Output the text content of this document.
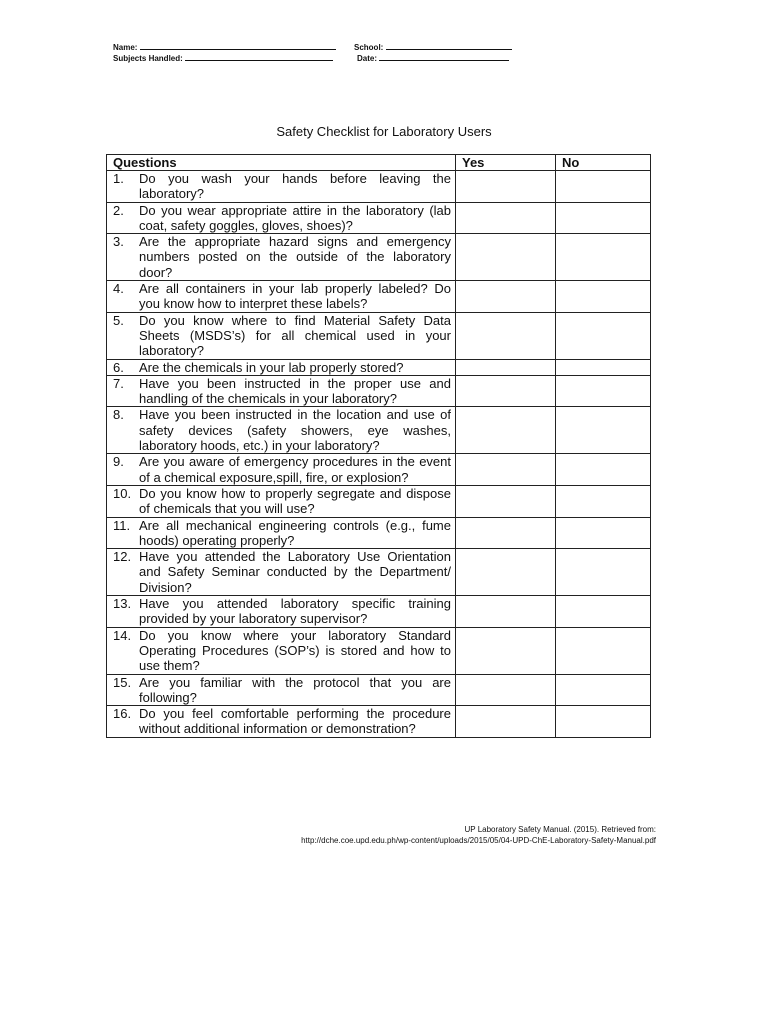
Name:	School:
Subjects Handled:	Date:
Safety Checklist for Laboratory Users
Questions	Yes	No

1. Do you wash your hands before leaving the laboratory?		

2. Do you wear appropriate attire in the laboratory (lab coat, safety goggles, gloves, shoes)?		

3. Are the appropriate hazard signs and emergency numbers posted on the outside of the laboratory door?		

4. Are all containers in your lab properly labeled? Do you know how to interpret these labels?		

5. Do you know where to find Material Safety Data Sheets (MSDS’s) for all chemical used in your laboratory?		

6. Are the chemicals in your lab properly stored?		

7. Have you been instructed in the proper use and handling of the chemicals in your laboratory?		

8. Have you been instructed in the location and use of safety devices (safety showers, eye washes, laboratory hoods, etc.) in your laboratory?		

9. Are you aware of emergency procedures in the event of a chemical exposure,spill, fire, or explosion?		

10. Do you know how to properly segregate and dispose of chemicals that you will use?		

11. Are all mechanical engineering controls (e.g., fume hoods) operating properly?		

12. Have you attended the Laboratory Use Orientation and Safety Seminar conducted by the Department/ Division?		

13. Have you attended laboratory specific training provided by your laboratory supervisor?		

14. Do you know where your laboratory Standard Operating Procedures (SOP’s) is stored and how to use them?		

15. Are you familiar with the protocol that you are following?		

16. Do you feel comfortable performing the procedure without additional information or demonstration?		

UP Laboratory Safety Manual. (2015). Retrieved from:
http://dche.coe.upd.edu.ph/wp-content/uploads/2015/05/04-UPD-ChE-Laboratory-Safety-Manual.pdf
